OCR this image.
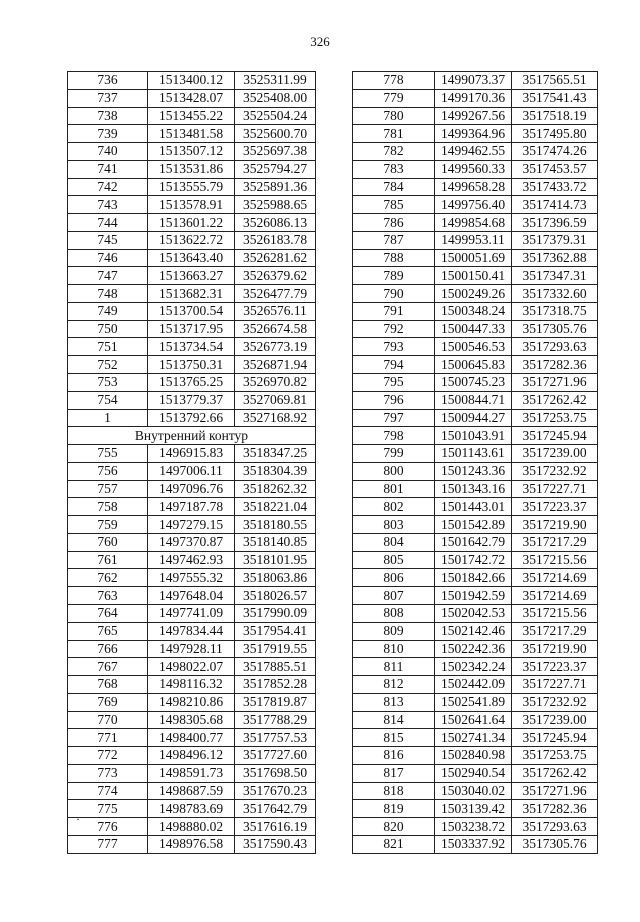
326
736	1513400.12	3525311.99
737	1513428.07	3525408.00
738	1513455.22	3525504.24
739	1513481.58	3525600.70
740	1513507.12	3525697.38
741	1513531.86	3525794.27
742	1513555.79	3525891.36
743	1513578.91	3525988.65
744	1513601.22	3526086.13
745	1513622.72	3526183.78
746	1513643.40	3526281.62
747	1513663.27	3526379.62
748	1513682.31	3526477.79
749	1513700.54	3526576.11
750	1513717.95	3526674.58
751	1513734.54	3526773.19
752	1513750.31	3526871.94
753	1513765.25	3526970.82
754	1513779.37	3527069.81
1	1513792.66	3527168.92
Внутренний контур		
755	1496915.83	3518347.25
756	1497006.11	3518304.39
757	1497096.76	3518262.32
758	1497187.78	3518221.04
759	1497279.15	3518180.55
760	1497370.87	3518140.85
761	1497462.93	3518101.95
762	1497555.32	3518063.86
763	1497648.04	3518026.57
764	1497741.09	3517990.09
765	1497834.44	3517954.41
766	1497928.11	3517919.55
767	1498022.07	3517885.51
768	1498116.32	3517852.28
769	1498210.86	3517819.87
770	1498305.68	3517788.29
771	1498400.77	3517757.53
772	1498496.12	3517727.60
773	1498591.73	3517698.50
774	1498687.59	3517670.23
775	1498783.69	3517642.79
776	1498880.02	3517616.19
777	1498976.58	3517590.43
778	1499073.37	3517565.51
779	1499170.36	3517541.43
780	1499267.56	3517518.19
781	1499364.96	3517495.80
782	1499462.55	3517474.26
783	1499560.33	3517453.57
784	1499658.28	3517433.72
785	1499756.40	3517414.73
786	1499854.68	3517396.59
787	1499953.11	3517379.31
788	1500051.69	3517362.88
789	1500150.41	3517347.31
790	1500249.26	3517332.60
791	1500348.24	3517318.75
792	1500447.33	3517305.76
793	1500546.53	3517293.63
794	1500645.83	3517282.36
795	1500745.23	3517271.96
796	1500844.71	3517262.42
797	1500944.27	3517253.75
798	1501043.91	3517245.94
799	1501143.61	3517239.00
800	1501243.36	3517232.92
801	1501343.16	3517227.71
802	1501443.01	3517223.37
803	1501542.89	3517219.90
804	1501642.79	3517217.29
805	1501742.72	3517215.56
806	1501842.66	3517214.69
807	1501942.59	3517214.69
808	1502042.53	3517215.56
809	1502142.46	3517217.29
810	1502242.36	3517219.90
811	1502342.24	3517223.37
812	1502442.09	3517227.71
813	1502541.89	3517232.92
814	1502641.64	3517239.00
815	1502741.34	3517245.94
816	1502840.98	3517253.75
817	1502940.54	3517262.42
818	1503040.02	3517271.96
819	1503139.42	3517282.36
820	1503238.72	3517293.63
821	1503337.92	3517305.76
·
